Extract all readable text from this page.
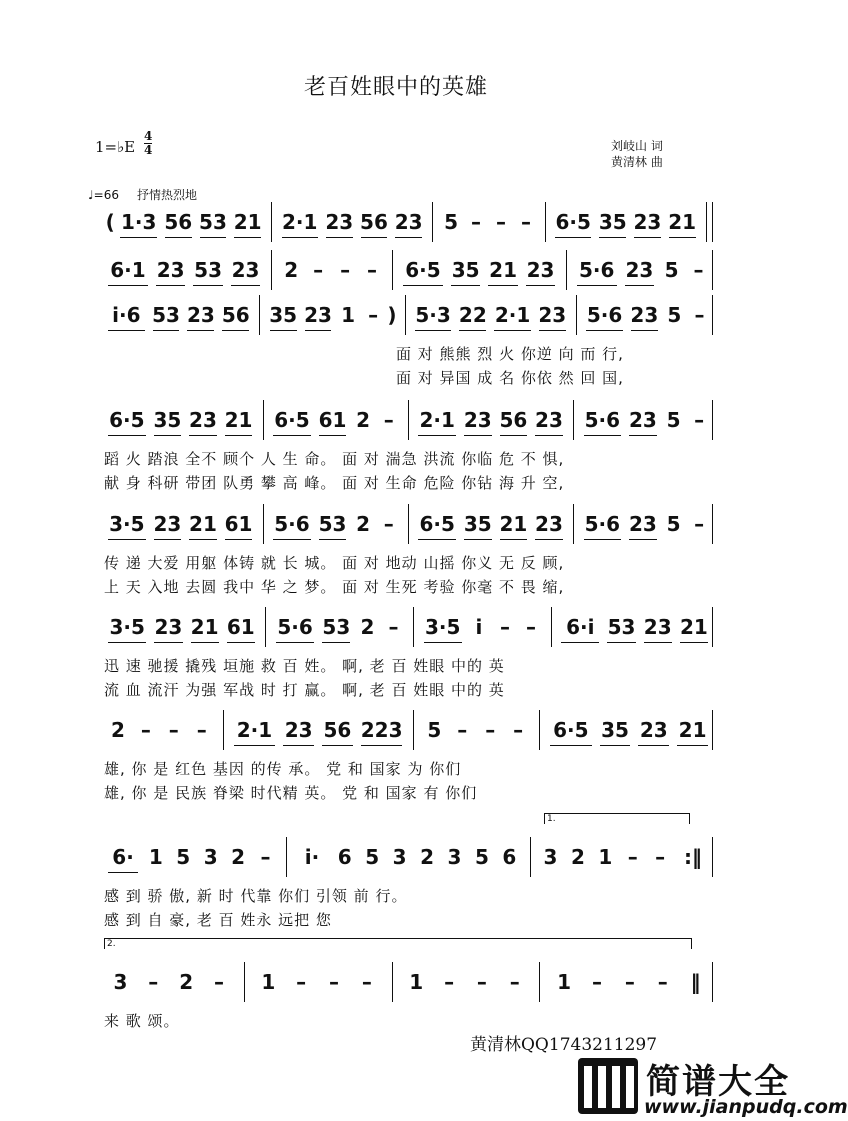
老百姓眼中的英雄
1=♭E
4
4	刘岐山 词
黄清林 曲
♩=66 抒情热烈地
( 1·3 56 53 21 2·1 23 56 23 5 – – –	6·5 35 23 21
6·1 23 53 23	2 – – –	6·5 35 21 23	5·6 23 5 –
i·6 53 23 56 35 23 1 – ) 5·3 22 2·1 23 5·6 23 5 –
面 对 熊熊 烈 火 你逆 向 而 行,
面 对 异国 成 名 你依 然 回 国,
6·5 35 23 21 6·5 61 2 –	2·1 23 56 23 5·6 23 5 –
蹈 火 踏浪 全不 顾个 人 生 命。 面 对 湍急 洪流 你临 危 不 惧,
献 身 科研 带团 队勇 攀 高 峰。 面 对 生命 危险 你钻 海 升 空,
3·5 23 21 61 5·6 53 2 –	6·5 35 21 23 5·6 23 5 –
传 递 大爱 用躯 体铸 就 长 城。 面 对 地动 山摇 你义 无 反 顾,
上 天 入地 去圆 我中 华 之 梦。 面 对 生死 考验 你毫 不 畏 缩,
3·5 23 21 61 5·6 53 2 –	3·5 i – –	6·i 53 23 21
迅 速 驰援 撬残 垣施 救 百 姓。 啊, 老 百 姓眼 中的 英
流 血 流汗 为强 军战 时 打 赢。 啊, 老 百 姓眼 中的 英
2 – – –	2·1 23 56 223	5 – – –	6·5 35 23 21
雄, 你 是 红色 基因 的传 承。 党 和 国家 为 你们
雄, 你 是 民族 脊梁 时代精 英。 党 和 国家 有 你们
6· 1 5 3 2 –	i· 6 5 3 2 3 5 6	3 2 1 – – :‖
1.
感 到 骄 傲, 新 时 代靠 你们 引领 前 行。
感 到 自 豪, 老 百 姓永 远把 您
3	–	2	–	1	–	–	–	1	–	–	–	1	–	–	–	‖
2.
来 歌 颂。
黄清林QQ1743211297
简谱大全
www.jianpudq.com
